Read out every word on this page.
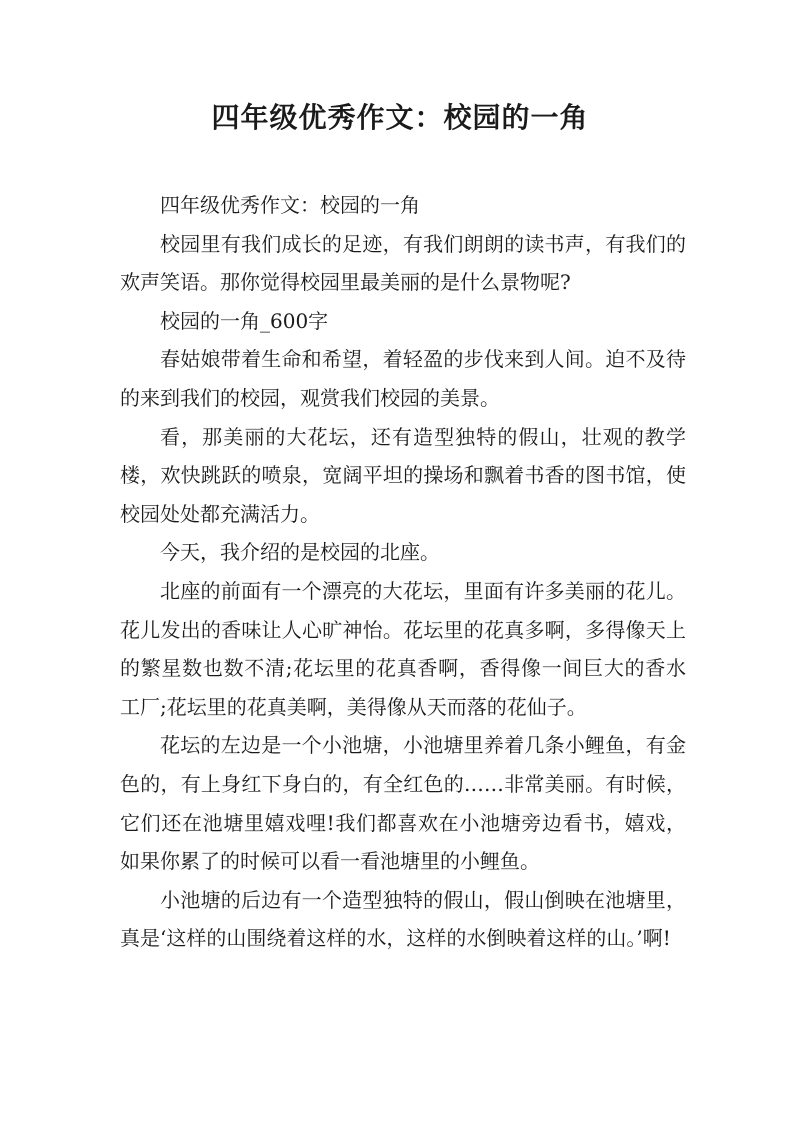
四年级优秀作文：校园的一角

四年级优秀作文：校园的一角

校园里有我们成长的足迹，有我们朗朗的读书声，有我们的欢声笑语。那你觉得校园里最美丽的是什么景物呢?

校园的一角_600字

春姑娘带着生命和希望，着轻盈的步伐来到人间。迫不及待的来到我们的校园，观赏我们校园的美景。

看，那美丽的大花坛，还有造型独特的假山，壮观的教学楼，欢快跳跃的喷泉，宽阔平坦的操场和飘着书香的图书馆，使校园处处都充满活力。

今天，我介绍的是校园的北座。

北座的前面有一个漂亮的大花坛，里面有许多美丽的花儿。花儿发出的香味让人心旷神怡。花坛里的花真多啊，多得像天上的繁星数也数不清;花坛里的花真香啊，香得像一间巨大的香水工厂;花坛里的花真美啊，美得像从天而落的花仙子。

花坛的左边是一个小池塘，小池塘里养着几条小鲤鱼，有金色的，有上身红下身白的，有全红色的……非常美丽。有时候，它们还在池塘里嬉戏哩!我们都喜欢在小池塘旁边看书，嬉戏，如果你累了的时候可以看一看池塘里的小鲤鱼。

小池塘的后边有一个造型独特的假山，假山倒映在池塘里，真是‘这样的山围绕着这样的水，这样的水倒映着这样的山。’啊!
